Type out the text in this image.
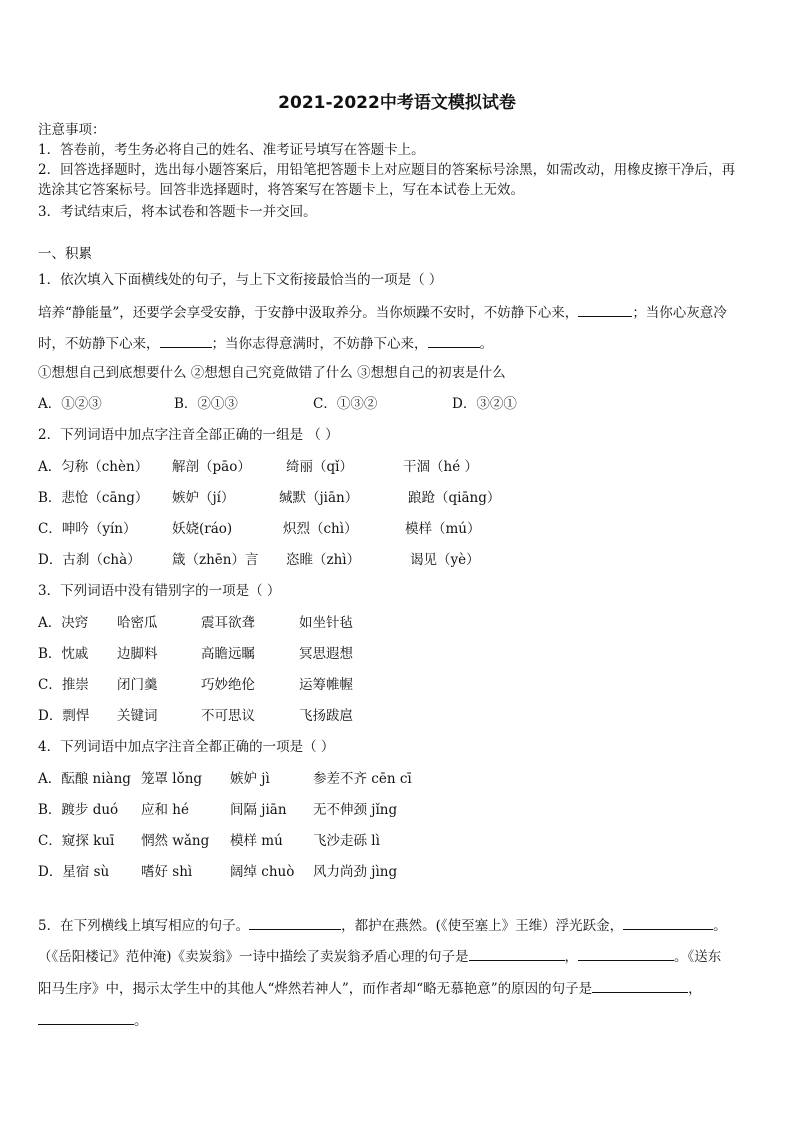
2021-2022中考语文模拟试卷
注意事项：
1．答卷前，考生务必将自己的姓名、准考证号填写在答题卡上。
2．回答选择题时，选出每小题答案后，用铅笔把答题卡上对应题目的答案标号涂黑，如需改动，用橡皮擦干净后，再
选涂其它答案标号。回答非选择题时，将答案写在答题卡上，写在本试卷上无效。
3．考试结束后，将本试卷和答题卡一并交回。
一、积累
1．依次填入下面横线处的句子，与上下文衔接最恰当的一项是（ ）
培养“静能量”，还要学会享受安静，于安静中汲取养分。当你烦躁不安时，不妨静下心来，	；当你心灰意冷
时，不妨静下心来，	；当你志得意满时，不妨静下心来，	。
①想想自己到底想要什么 ②想想自己究竟做错了什么 ③想想自己的初衷是什么
A．①②③	B．②①③	C．①③②	D．③②①
2．下列词语中加点字注音全部正确的一组是 （ ）
A．匀称（chèn） 解剖（pāo）	绮丽（qǐ）	干涸（hé ）
B．悲怆（cāng） 嫉妒（jí）	缄默（jiān）	踉跄（qiāng）
C．呻吟（yín）	妖娆(ráo)	炽烈（chì）	模样（mú）
D．古刹（chà） 箴（zhēn）言 恣睢（zhì）	谒见（yè）
3．下列词语中没有错别字的一项是（ ）
A．决窍 哈密瓜	震耳欲聋	如坐针毡
B．忱戚 边脚料	高瞻远瞩	冥思遐想
C．推崇 闭门羹	巧妙绝伦	运筹帷幄
D．剽悍 关键词	不可思议	飞扬跋扈
4．下列词语中加点字注音全都正确的一项是（ ）
A．酝酿 niàng 笼罩 lǒng 嫉妒 jì	参差不齐 cēn cī
B．踱步 duó 应和 hé	间隔 jiān 无不伸颈 jǐng
C．窥探 kuī 惘然 wǎng 模样 mú 飞沙走砾 lì
D．星宿 sù 嗜好 shì	阔绰 chuò 风力尚劲 jìng
5．在下列横线上填写相应的句子。	，都护在燕然。(《使至塞上》王维）浮光跃金，	。
（《岳阳楼记》范仲淹)《卖炭翁》一诗中描绘了卖炭翁矛盾心理的句子是	，	。《送东
阳马生序》中，揭示太学生中的其他人“烨然若神人”，而作者却“略无慕艳意”的原因的句子是	，
。
